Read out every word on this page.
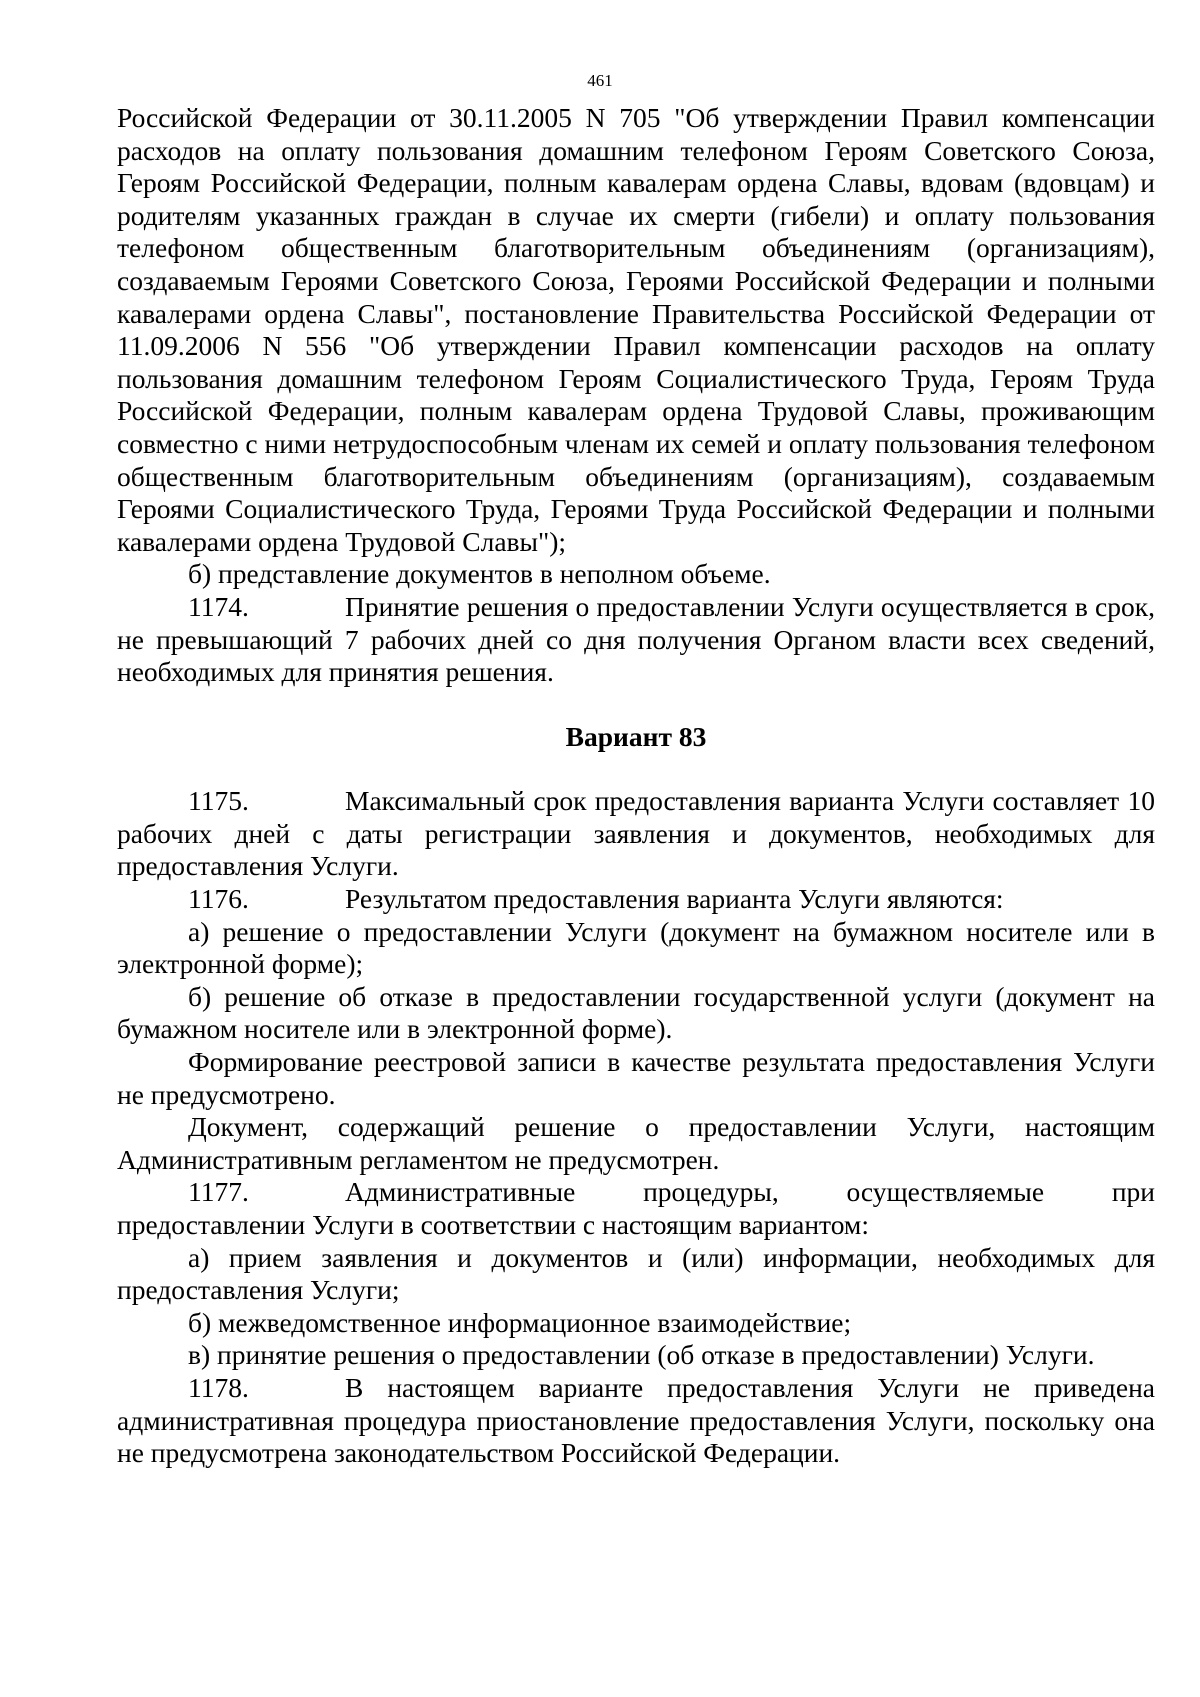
461

Российской Федерации от 30.11.2005 N 705 "Об утверждении Правил компенсации расходов на оплату пользования домашним телефоном Героям Советского Союза, Героям Российской Федерации, полным кавалерам ордена Славы, вдовам (вдовцам) и родителям указанных граждан в случае их смерти (гибели) и оплату пользования телефоном общественным благотворительным объединениям (организациям), создаваемым Героями Советского Союза, Героями Российской Федерации и полными кавалерами ордена Славы", постановление Правительства Российской Федерации от 11.09.2006 N 556 "Об утверждении Правил компенсации расходов на оплату пользования домашним телефоном Героям Социалистического Труда, Героям Труда Российской Федерации, полным кавалерам ордена Трудовой Славы, проживающим совместно с ними нетрудоспособным членам их семей и оплату пользования телефоном общественным благотворительным объединениям (организациям), создаваемым Героями Социалистического Труда, Героями Труда Российской Федерации и полными кавалерами ордена Трудовой Славы");

б) представление документов в неполном объеме.

1174.	Принятие решения о предоставлении Услуги осуществляется в срок, не превышающий 7 рабочих дней со дня получения Органом власти всех сведений, необходимых для принятия решения.

Вариант 83

1175.	Максимальный срок предоставления варианта Услуги составляет 10 рабочих дней с даты регистрации заявления и документов, необходимых для предоставления Услуги.

1176.	Результатом предоставления варианта Услуги являются:

а) решение о предоставлении Услуги (документ на бумажном носителе или в электронной форме);

б) решение об отказе в предоставлении государственной услуги (документ на бумажном носителе или в электронной форме).

Формирование реестровой записи в качестве результата предоставления Услуги не предусмотрено.

Документ, содержащий решение о предоставлении Услуги, настоящим Административным регламентом не предусмотрен.

1177.	Административные процедуры, осуществляемые при предоставлении Услуги в соответствии с настоящим вариантом:

а) прием заявления и документов и (или) информации, необходимых для предоставления Услуги;

б) межведомственное информационное взаимодействие;

в) принятие решения о предоставлении (об отказе в предоставлении) Услуги.

1178.	В настоящем варианте предоставления Услуги не приведена административная процедура приостановление предоставления Услуги, поскольку она не предусмотрена законодательством Российской Федерации.
